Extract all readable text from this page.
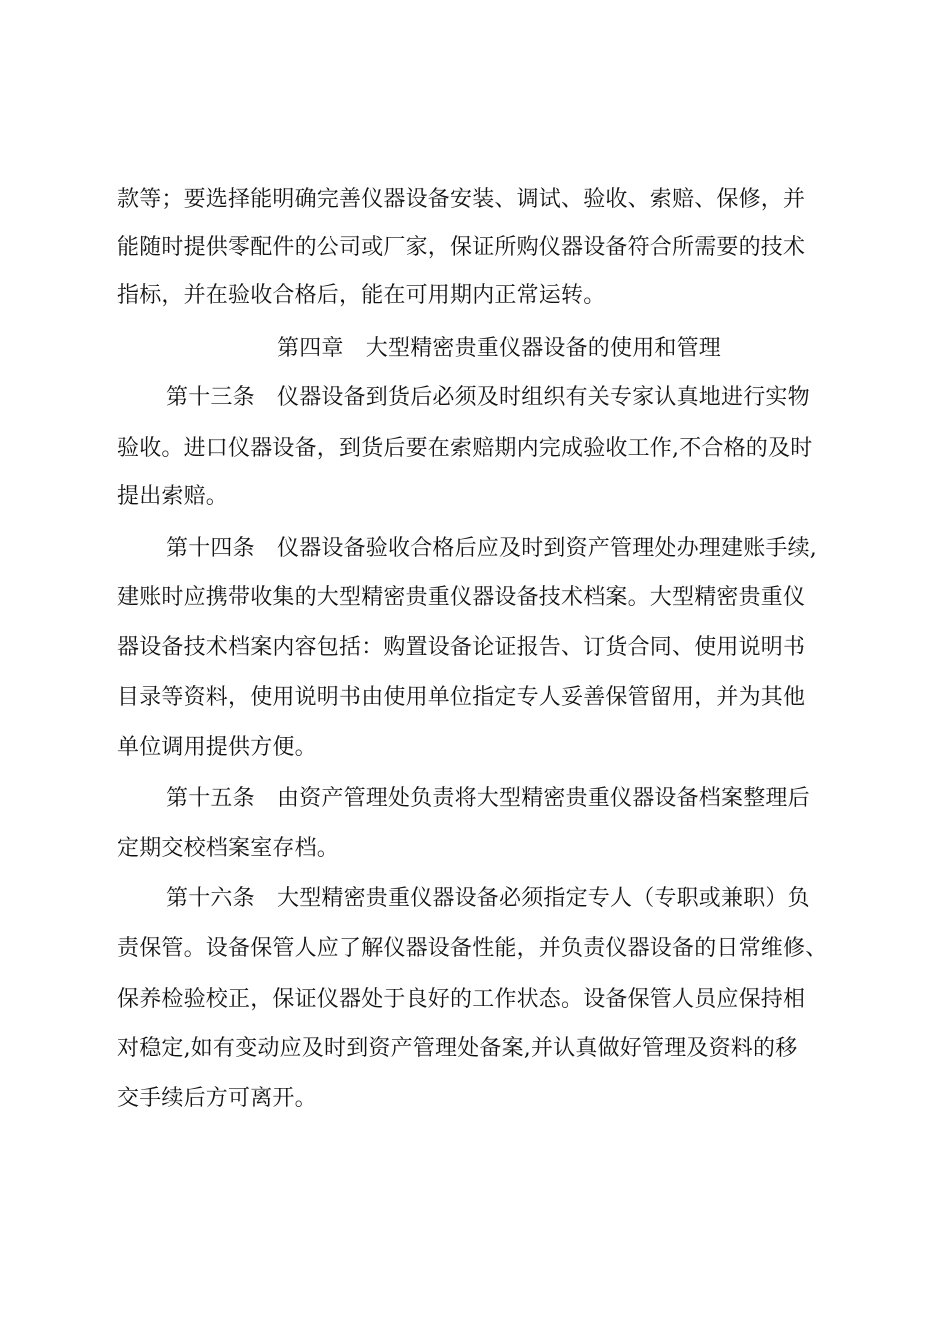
款等；要选择能明确完善仪器设备安装、调试、验收、索赔、保修，并
能随时提供零配件的公司或厂家，保证所购仪器设备符合所需要的技术
指标，并在验收合格后，能在可用期内正常运转。
第四章　大型精密贵重仪器设备的使用和管理
第十三条　仪器设备到货后必须及时组织有关专家认真地进行实物
验收。进口仪器设备，到货后要在索赔期内完成验收工作,不合格的及时
提出索赔。
第十四条　仪器设备验收合格后应及时到资产管理处办理建账手续,
建账时应携带收集的大型精密贵重仪器设备技术档案。大型精密贵重仪
器设备技术档案内容包括：购置设备论证报告、订货合同、使用说明书
目录等资料，使用说明书由使用单位指定专人妥善保管留用，并为其他
单位调用提供方便。
第十五条　由资产管理处负责将大型精密贵重仪器设备档案整理后
定期交校档案室存档。
第十六条　大型精密贵重仪器设备必须指定专人（专职或兼职）负
责保管。设备保管人应了解仪器设备性能，并负责仪器设备的日常维修、
保养检验校正，保证仪器处于良好的工作状态。设备保管人员应保持相
对稳定,如有变动应及时到资产管理处备案,并认真做好管理及资料的移
交手续后方可离开。
